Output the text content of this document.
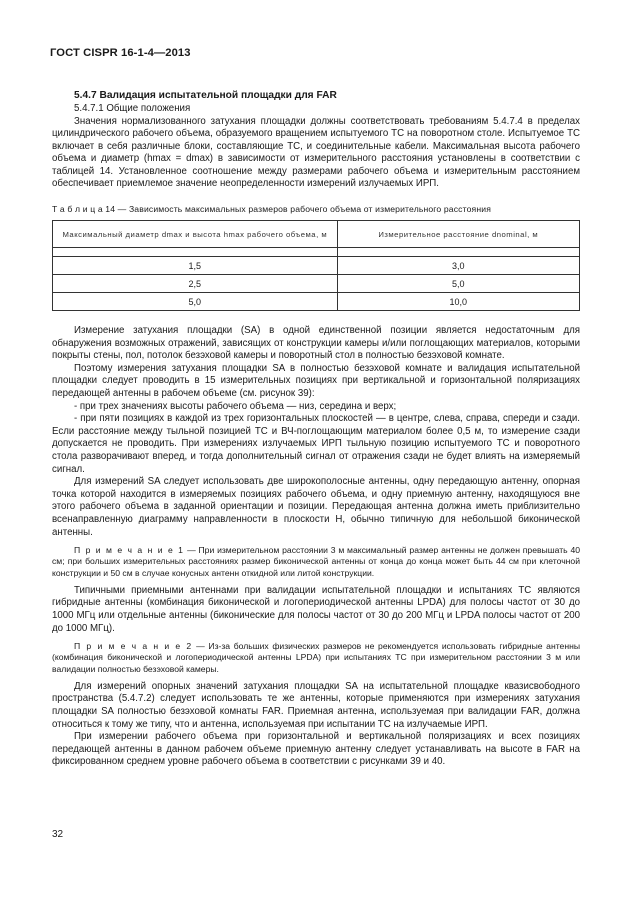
ГОСТ CISPR 16-1-4—2013
5.4.7 Валидация испытательной площадки для FAR
5.4.7.1 Общие положения

Значения нормализованного затухания площадки должны соответствовать требованиям 5.4.7.4 в пределах цилиндрического рабочего объема, образуемого вращением испытуемого ТС на поворотном столе. Испытуемое ТС включает в себя различные блоки, составляющие ТС, и соединительные кабели. Максимальная высота рабочего объема и диаметр (hmax = dmax) в зависимости от измерительного расстояния установлены в соответствии с таблицей 14. Установленное соотношение между размерами рабочего объема и измерительным расстоянием обеспечивает приемлемое значение неопределенности измерений излучаемых ИРП.

Т а б л и ц а 14 — Зависимость максимальных размеров рабочего объема от измерительного расстояния
Максимальный диаметр dmax и высота hmax рабочего объема, м	Измерительное расстояние dnominal, м

1,5	3,0
2,5	5,0
5,0	10,0

Измерение затухания площадки (SA) в одной единственной позиции является недостаточным для обнаружения возможных отражений, зависящих от конструкции камеры и/или поглощающих материалов, которыми покрыты стены, пол, потолок безэховой камеры и поворотный стол в полностью безэховой комнате.

Поэтому измерения затухания площадки SA в полностью безэховой комнате и валидация испытательной площадки следует проводить в 15 измерительных позициях при вертикальной и горизонтальной поляризациях передающей антенны в рабочем объеме (см. рисунок 39):

- при трех значениях высоты рабочего объема — низ, середина и верх;

- при пяти позициях в каждой из трех горизонтальных плоскостей — в центре, слева, справа, спереди и сзади. Если расстояние между тыльной позицией ТС и ВЧ-поглощающим материалом более 0,5 м, то измерение сзади допускается не проводить. При измерениях излучаемых ИРП тыльную позицию испытуемого ТС и поворотного стола разворачивают вперед, и тогда дополнительный сигнал от отражения сзади не будет влиять на измеряемый сигнал.

Для измерений SA следует использовать две широкополосные антенны, одну передающую антенну, опорная точка которой находится в измеряемых позициях рабочего объема, и одну приемную антенну, находящуюся вне этого рабочего объема в заданной ориентации и позиции. Передающая антенна должна иметь приблизительно всенаправленную диаграмму направленности в плоскости H, обычно типичную для небольшой биконической антенны.

П р и м е ч а н и е 1 — При измерительном расстоянии 3 м максимальный размер антенны не должен превышать 40 см; при больших измерительных расстояниях размер биконической антенны от конца до конца может быть 44 см при клеточной конструкции и 50 см в случае конусных антенн откидной или литой конструкции.

Типичными приемными антеннами при валидации испытательной площадки и испытаниях ТС являются гибридные антенны (комбинация биконической и логопериодической антенны LPDA) для полосы частот от 30 до 1000 МГц или отдельные антенны (биконические для полосы частот от 30 до 200 МГц и LPDA полосы частот от 200 до 1000 МГц).

П р и м е ч а н и е 2 — Из-за больших физических размеров не рекомендуется использовать гибридные антенны (комбинация биконической и логопериодической антенны LPDA) при испытаниях ТС при измерительном расстоянии 3 м или валидации полностью безэховой камеры.

Для измерений опорных значений затухания площадки SA на испытательной площадке квазисвободного пространства (5.4.7.2) следует использовать те же антенны, которые применяются при измерениях затухания площадки SA полностью безэховой комнаты FAR. Приемная антенна, используемая при валидации FAR, должна относиться к тому же типу, что и антенна, используемая при испытании ТС на излучаемые ИРП.

При измерении рабочего объема при горизонтальной и вертикальной поляризациях и всех позициях передающей антенны в данном рабочем объеме приемную антенну следует устанавливать на высоте в FAR на фиксированном среднем уровне рабочего объема в соответствии с рисунками 39 и 40.

32
